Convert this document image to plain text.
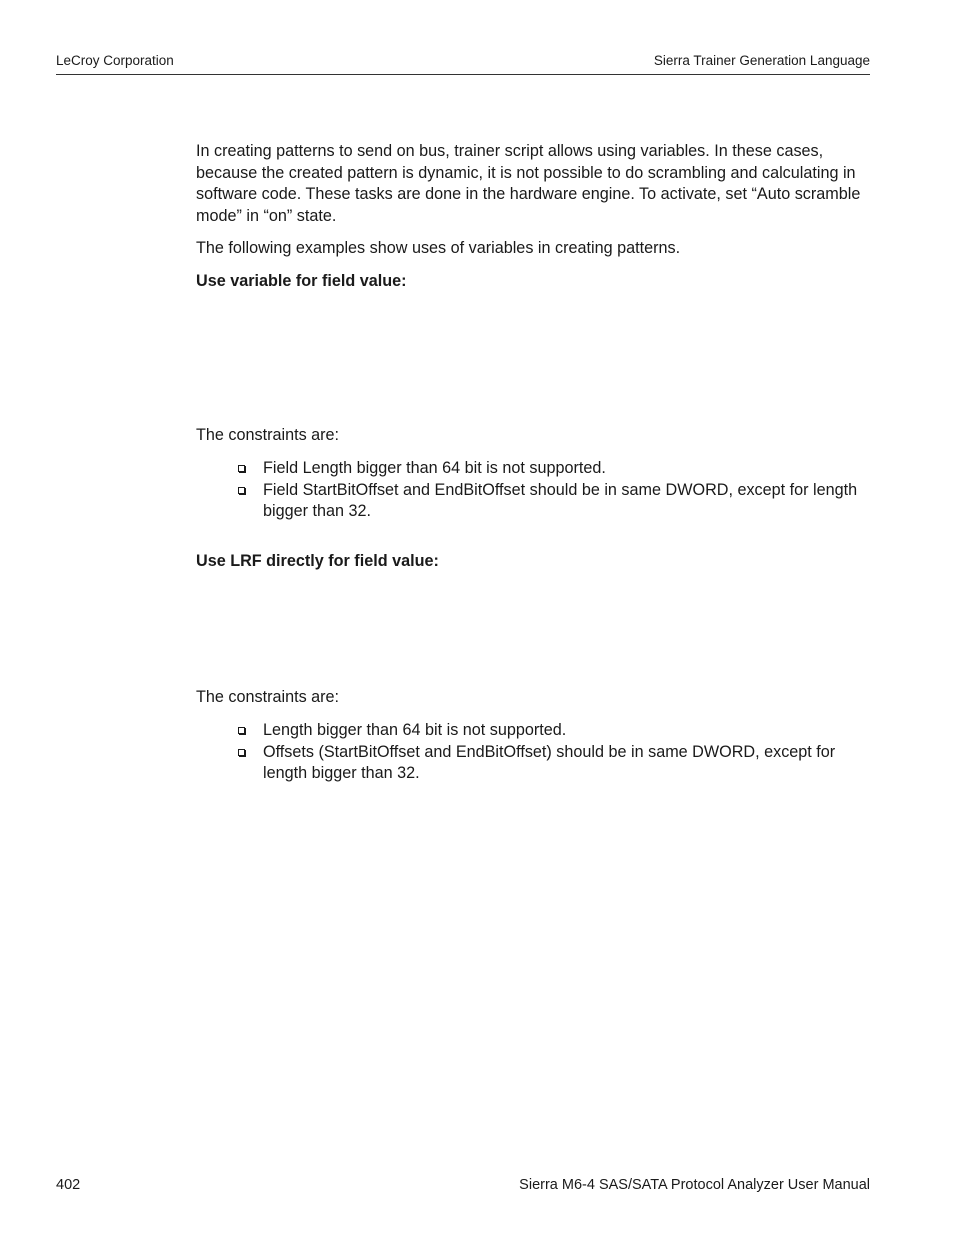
LeCroy Corporation	Sierra Trainer Generation Language

In creating patterns to send on bus, trainer script allows using variables. In these cases, because the created pattern is dynamic, it is not possible to do scrambling and calculating in software code. These tasks are done in the hardware engine. To activate, set “Auto scramble mode” in “on” state.

The following examples show uses of variables in creating patterns.

Use variable for field value:

The constraints are:

Field Length bigger than 64 bit is not supported.
Field StartBitOffset and EndBitOffset should be in same DWORD, except for length bigger than 32.

Use LRF directly for field value:

The constraints are:

Length bigger than 64 bit is not supported.
Offsets (StartBitOffset and EndBitOffset) should be in same DWORD, except for length bigger than 32.
402	Sierra M6-4 SAS/SATA Protocol Analyzer User Manual
